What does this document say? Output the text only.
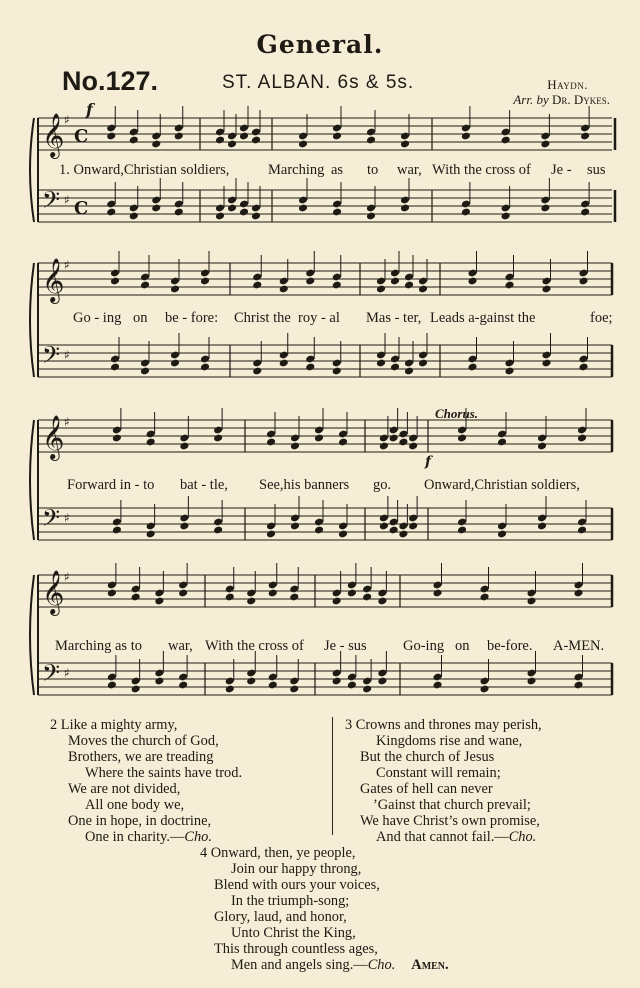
General.
No.127.	ST. ALBAN. 6s & 5s.	Haydn.
Arr. by Dr. Dykes.
𝄞 ♯
C
𝄢 ♯ C
𝄞 ♯
𝄢 ♯
𝄞 ♯
𝄢 ♯
𝄞 ♯
𝄢 ♯
f
f
1. Onward,Christian soldiers,	Marching as to war, With the cross of Je - sus
Go - ing on be - fore: Christ the roy - al Mas - ter, Leads a-gainst the	foe;
Chorus.
Forward in - to bat - tle, See,his banners go. Onward,Christian soldiers,
Marching as to war, With the cross of Je - sus	Go-ing on be-fore. A-MEN.
2 Like a mighty army,
Moves the church of God,
Brothers, we are treading
Where the saints have trod.
We are not divided,
All one body we,
One in hope, in doctrine,
One in charity.—Cho.
3 Crowns and thrones may perish,
Kingdoms rise and wane,
But the church of Jesus
Constant will remain;
Gates of hell can never
’Gainst that church prevail;
We have Christ’s own promise,
And that cannot fail.—Cho.
4 Onward, then, ye people,
Join our happy throng,
Blend with ours your voices,
In the triumph-song;
Glory, laud, and honor,
Unto Christ the King,
This through countless ages,
Men and angels sing.—Cho. Amen.
